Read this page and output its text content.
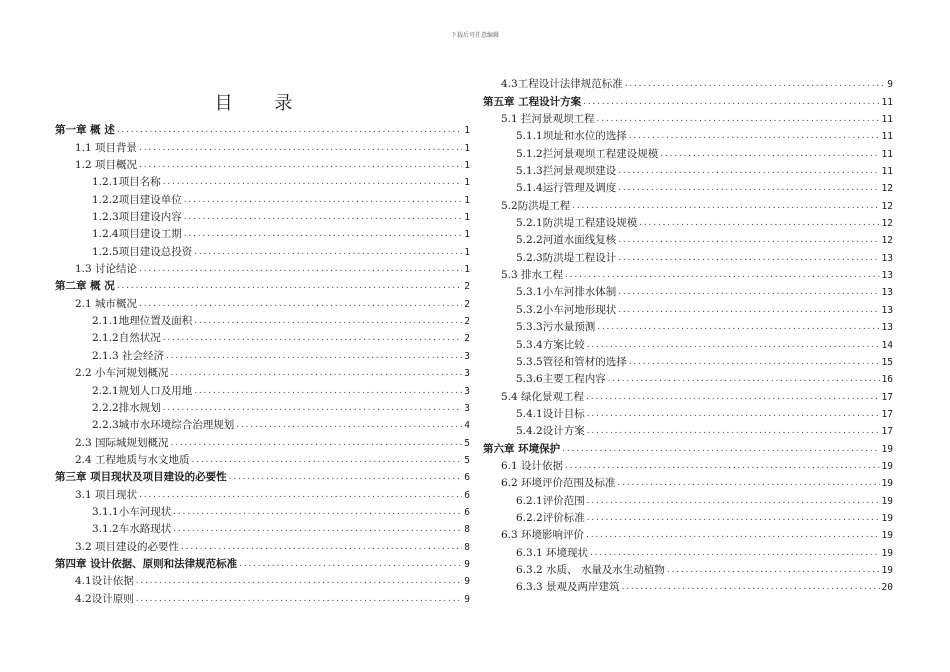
下载后可任意编辑
目 录
第一章 概 述 .....	1
1.1 项目背景 .....	1
1.2 项目概况 .....	1
1.2.1项目名称 .....	1
1.2.2项目建设单位 .....	1
1.2.3项目建设内容 .....	1
1.2.4项目建设工期 .....	1
1.2.5项目建设总投资 .....	1
1.3 讨论结论 .....	1
第二章 概 况 .....	2
2.1 城市概况 .....	2
2.1.1地理位置及面积 .....	2
2.1.2自然状况 .....	2
2.1.3 社会经济 .....	3
2.2 小车河规划概况 .....	3
2.2.1规划人口及用地 .....	3
2.2.2排水规划 .....	3
2.2.3城市水环境综合治理规划 .....	4
2.3 国际城规划概况 .....	5
2.4 工程地质与水文地质 .....	5
第三章 项目现状及项目建设的必要性 .....	6
3.1 项目现状 .....	6
3.1.1小车河现状 .....	6
3.1.2车水路现状 .....	8
3.2 项目建设的必要性 .....	8
第四章 设计依据、原则和法律规范标准 .....	9
4.1设计依据 .....	9
4.2设计原则 .....	9
4.3工程设计法律规范标准 .....	9
第五章 工程设计方案 .....	11
5.1 拦河景观坝工程 .....	11
5.1.1坝址和水位的选择 .....	11
5.1.2拦河景观坝工程建设规模 .....	11
5.1.3拦河景观坝建设 .....	11
5.1.4运行管理及调度 .....	12
5.2防洪堤工程 .....	12
5.2.1防洪堤工程建设规模 .....	12
5.2.2河道水面线复核 .....	12
5.2.3防洪堤工程设计 .....	13
5.3 排水工程 .....	13
5.3.1小车河排水体制 .....	13
5.3.2小车河地形现状 .....	13
5.3.3污水量预测 .....	13
5.3.4方案比较 .....	14
5.3.5管径和管材的选择 .....	15
5.3.6主要工程内容 .....	16
5.4 绿化景观工程 .....	17
5.4.1设计目标 .....	17
5.4.2设计方案 .....	17
第六章 环境保护 .....	19
6.1 设计依据 .....	19
6.2 环境评价范围及标准 .....	19
6.2.1评价范围 .....	19
6.2.2评价标准 .....	19
6.3 环境影响评价 .....	19
6.3.1 环境现状 .....	19
6.3.2 水质、 水量及水生动植物 .....	19
6.3.3 景观及两岸建筑 .....	20
